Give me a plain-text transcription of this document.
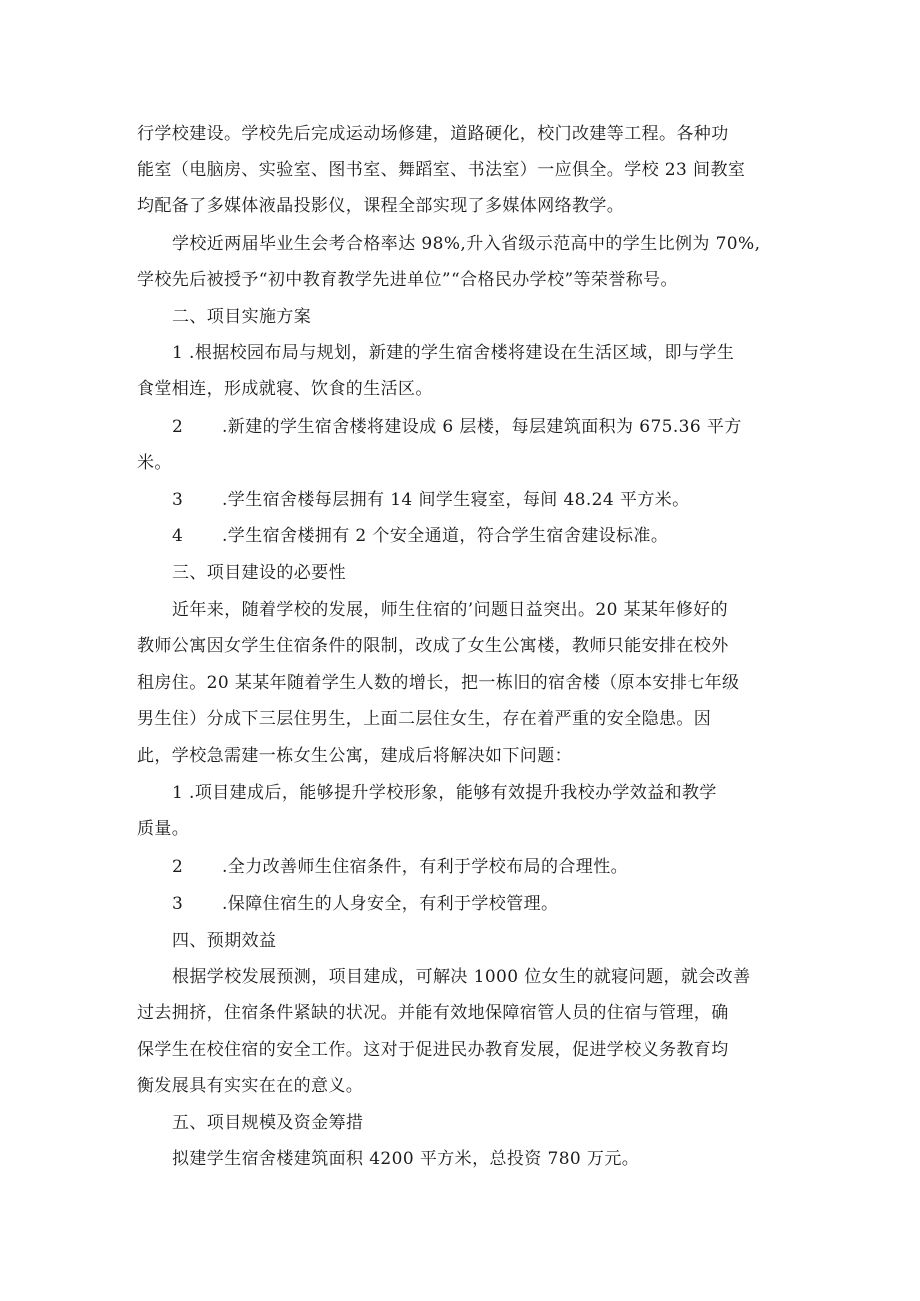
行学校建设。学校先后完成运动场修建，道路硬化，校门改建等工程。各种功
能室（电脑房、实验室、图书室、舞蹈室、书法室）一应俱全。学校 23 间教室
均配备了多媒体液晶投影仪，课程全部实现了多媒体网络教学。
学校近两届毕业生会考合格率达 98%,升入省级示范高中的学生比例为 70%,
学校先后被授予“初中教育教学先进单位”“合格民办学校”等荣誉称号。
二、项目实施方案
1 .根据校园布局与规划，新建的学生宿舍楼将建设在生活区域，即与学生
食堂相连，形成就寝、饮食的生活区。
2 .新建的学生宿舍楼将建设成 6 层楼，每层建筑面积为 675.36 平方
米。
3 .学生宿舍楼每层拥有 14 间学生寝室，每间 48.24 平方米。
4 .学生宿舍楼拥有 2 个安全通道，符合学生宿舍建设标准。
三、项目建设的必要性
近年来，随着学校的发展，师生住宿的’问题日益突出。20 某某年修好的
教师公寓因女学生住宿条件的限制，改成了女生公寓楼，教师只能安排在校外
租房住。20 某某年随着学生人数的增长，把一栋旧的宿舍楼（原本安排七年级
男生住）分成下三层住男生，上面二层住女生，存在着严重的安全隐患。因
此，学校急需建一栋女生公寓，建成后将解决如下问题：
1 .项目建成后，能够提升学校形象，能够有效提升我校办学效益和教学
质量。
2 .全力改善师生住宿条件，有利于学校布局的合理性。
3 .保障住宿生的人身安全，有利于学校管理。
四、预期效益
根据学校发展预测，项目建成，可解决 1000 位女生的就寝问题，就会改善
过去拥挤，住宿条件紧缺的状况。并能有效地保障宿管人员的住宿与管理，确
保学生在校住宿的安全工作。这对于促进民办教育发展，促进学校义务教育均
衡发展具有实实在在的意义。
五、项目规模及资金筹措
拟建学生宿舍楼建筑面积 4200 平方米，总投资 780 万元。
